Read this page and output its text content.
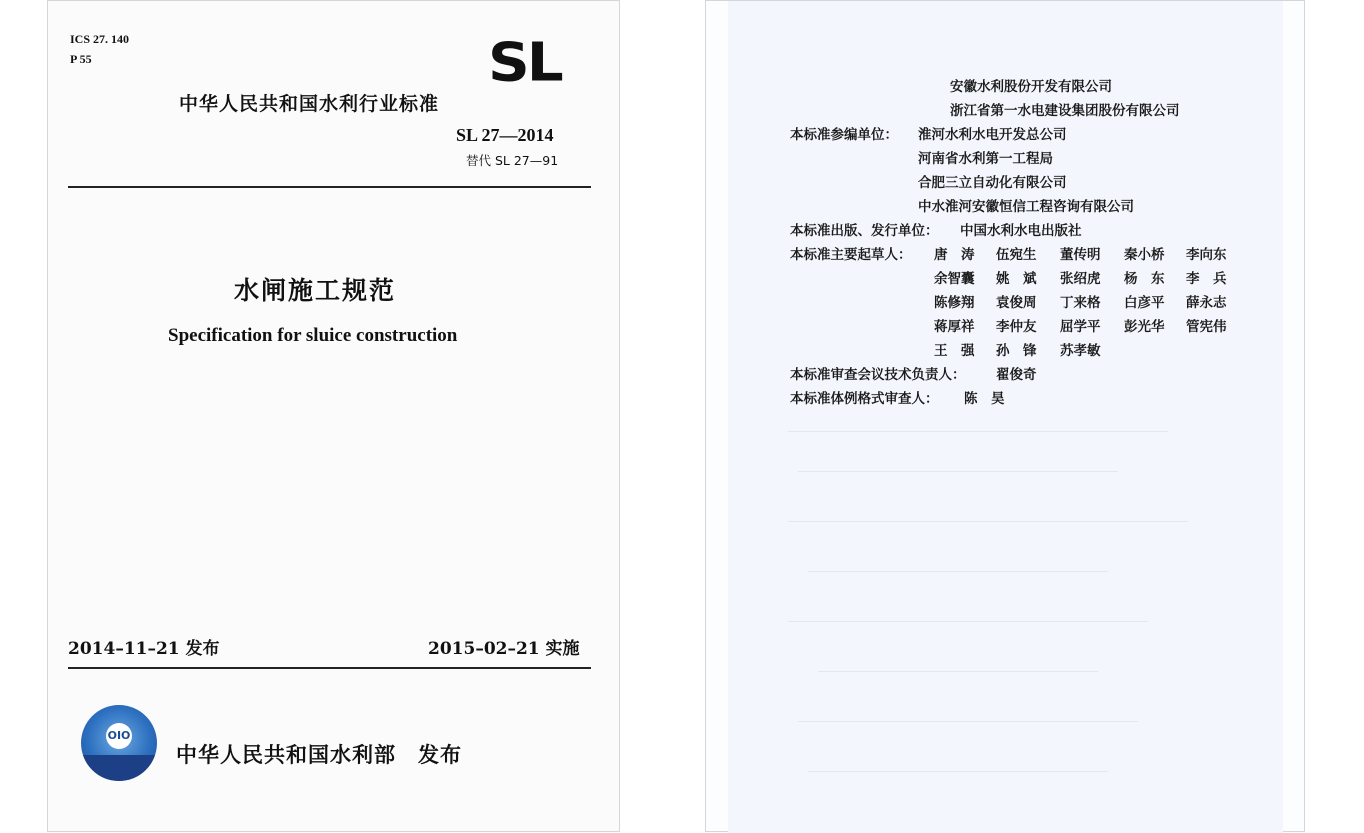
ICS 27. 140
P 55	SL
中华人民共和国水利行业标准
SL 27—2014
替代 SL 27—91
水闸施工规范
Specification for sluice construction
2014–11–21 发布	2015–02–21 实施
中华人民共和国水利部　发布
OIO
安徽水利股份开发有限公司
浙江省第一水电建设集团股份有限公司
本标准参编单位： 淮河水利水电开发总公司
河南省水利第一工程局
合肥三立自动化有限公司
中水淮河安徽恒信工程咨询有限公司
本标准出版、发行单位： 中国水利水电出版社
本标准主要起草人： 唐　涛 伍宛生 董传明 秦小桥 李向东
余智囊 姚　斌 张绍虎 杨　东 李　兵
陈修翔 袁俊周 丁来格 白彦平 薛永志
蒋厚祥 李仲友 屈学平 彭光华 管宪伟
王　强 孙　锋 苏孝敏
本标准审查会议技术负责人： 翟俊奇
本标准体例格式审查人： 陈　昊
